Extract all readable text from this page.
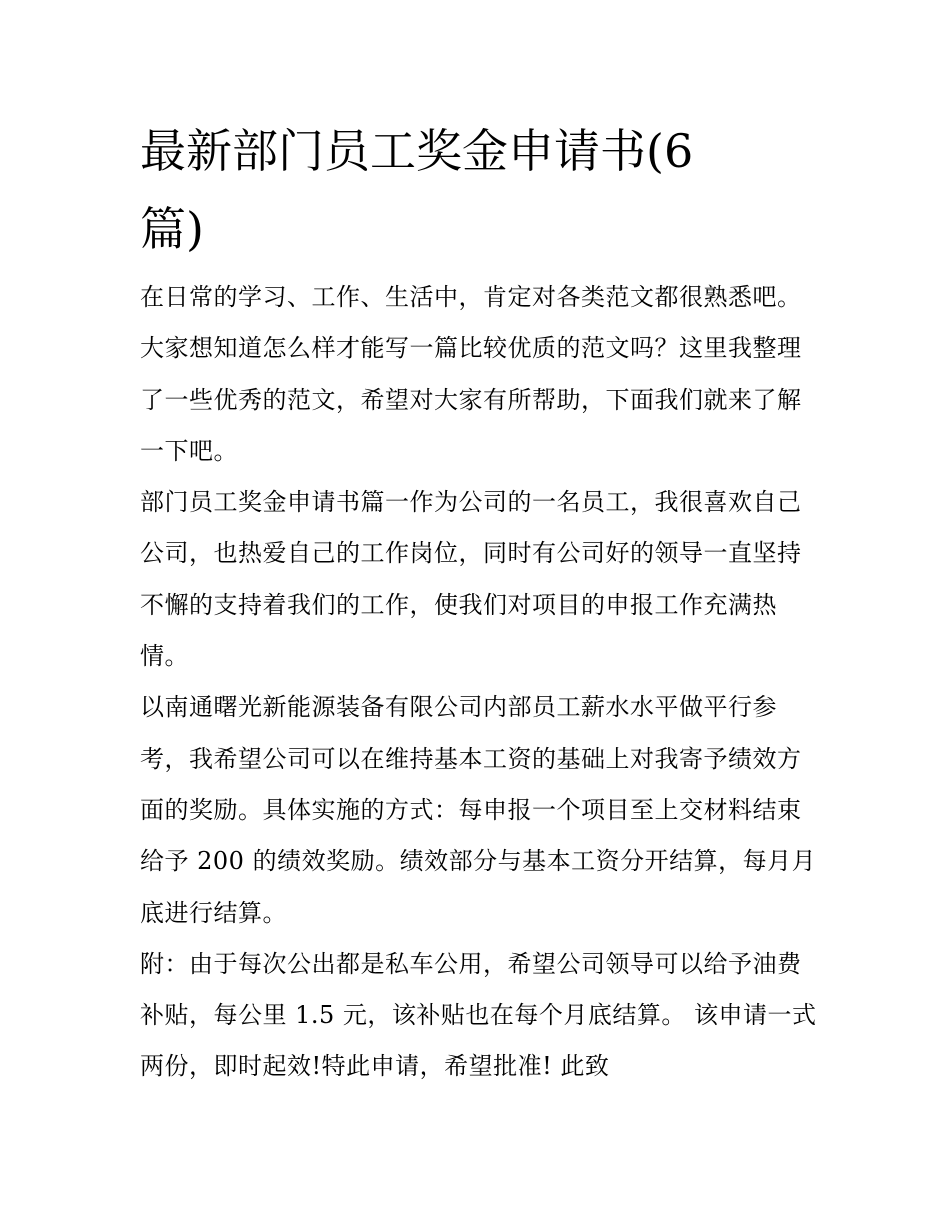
最新部门员工奖金申请书(6
篇)

在日常的学习、工作、生活中，肯定对各类范文都很熟悉吧。
大家想知道怎么样才能写一篇比较优质的范文吗？这里我整理
了一些优秀的范文，希望对大家有所帮助，下面我们就来了解
一下吧。

部门员工奖金申请书篇一作为公司的一名员工，我很喜欢自己
公司，也热爱自己的工作岗位，同时有公司好的领导一直坚持
不懈的支持着我们的工作，使我们对项目的申报工作充满热
情。

以南通曙光新能源装备有限公司内部员工薪水水平做平行参
考，我希望公司可以在维持基本工资的基础上对我寄予绩效方
面的奖励。具体实施的方式：每申报一个项目至上交材料结束
给予 200 的绩效奖励。绩效部分与基本工资分开结算，每月月
底进行结算。

附：由于每次公出都是私车公用，希望公司领导可以给予油费
补贴，每公里 1.5 元，该补贴也在每个月底结算。 该申请一式
两份，即时起效!特此申请，希望批准! 此致
